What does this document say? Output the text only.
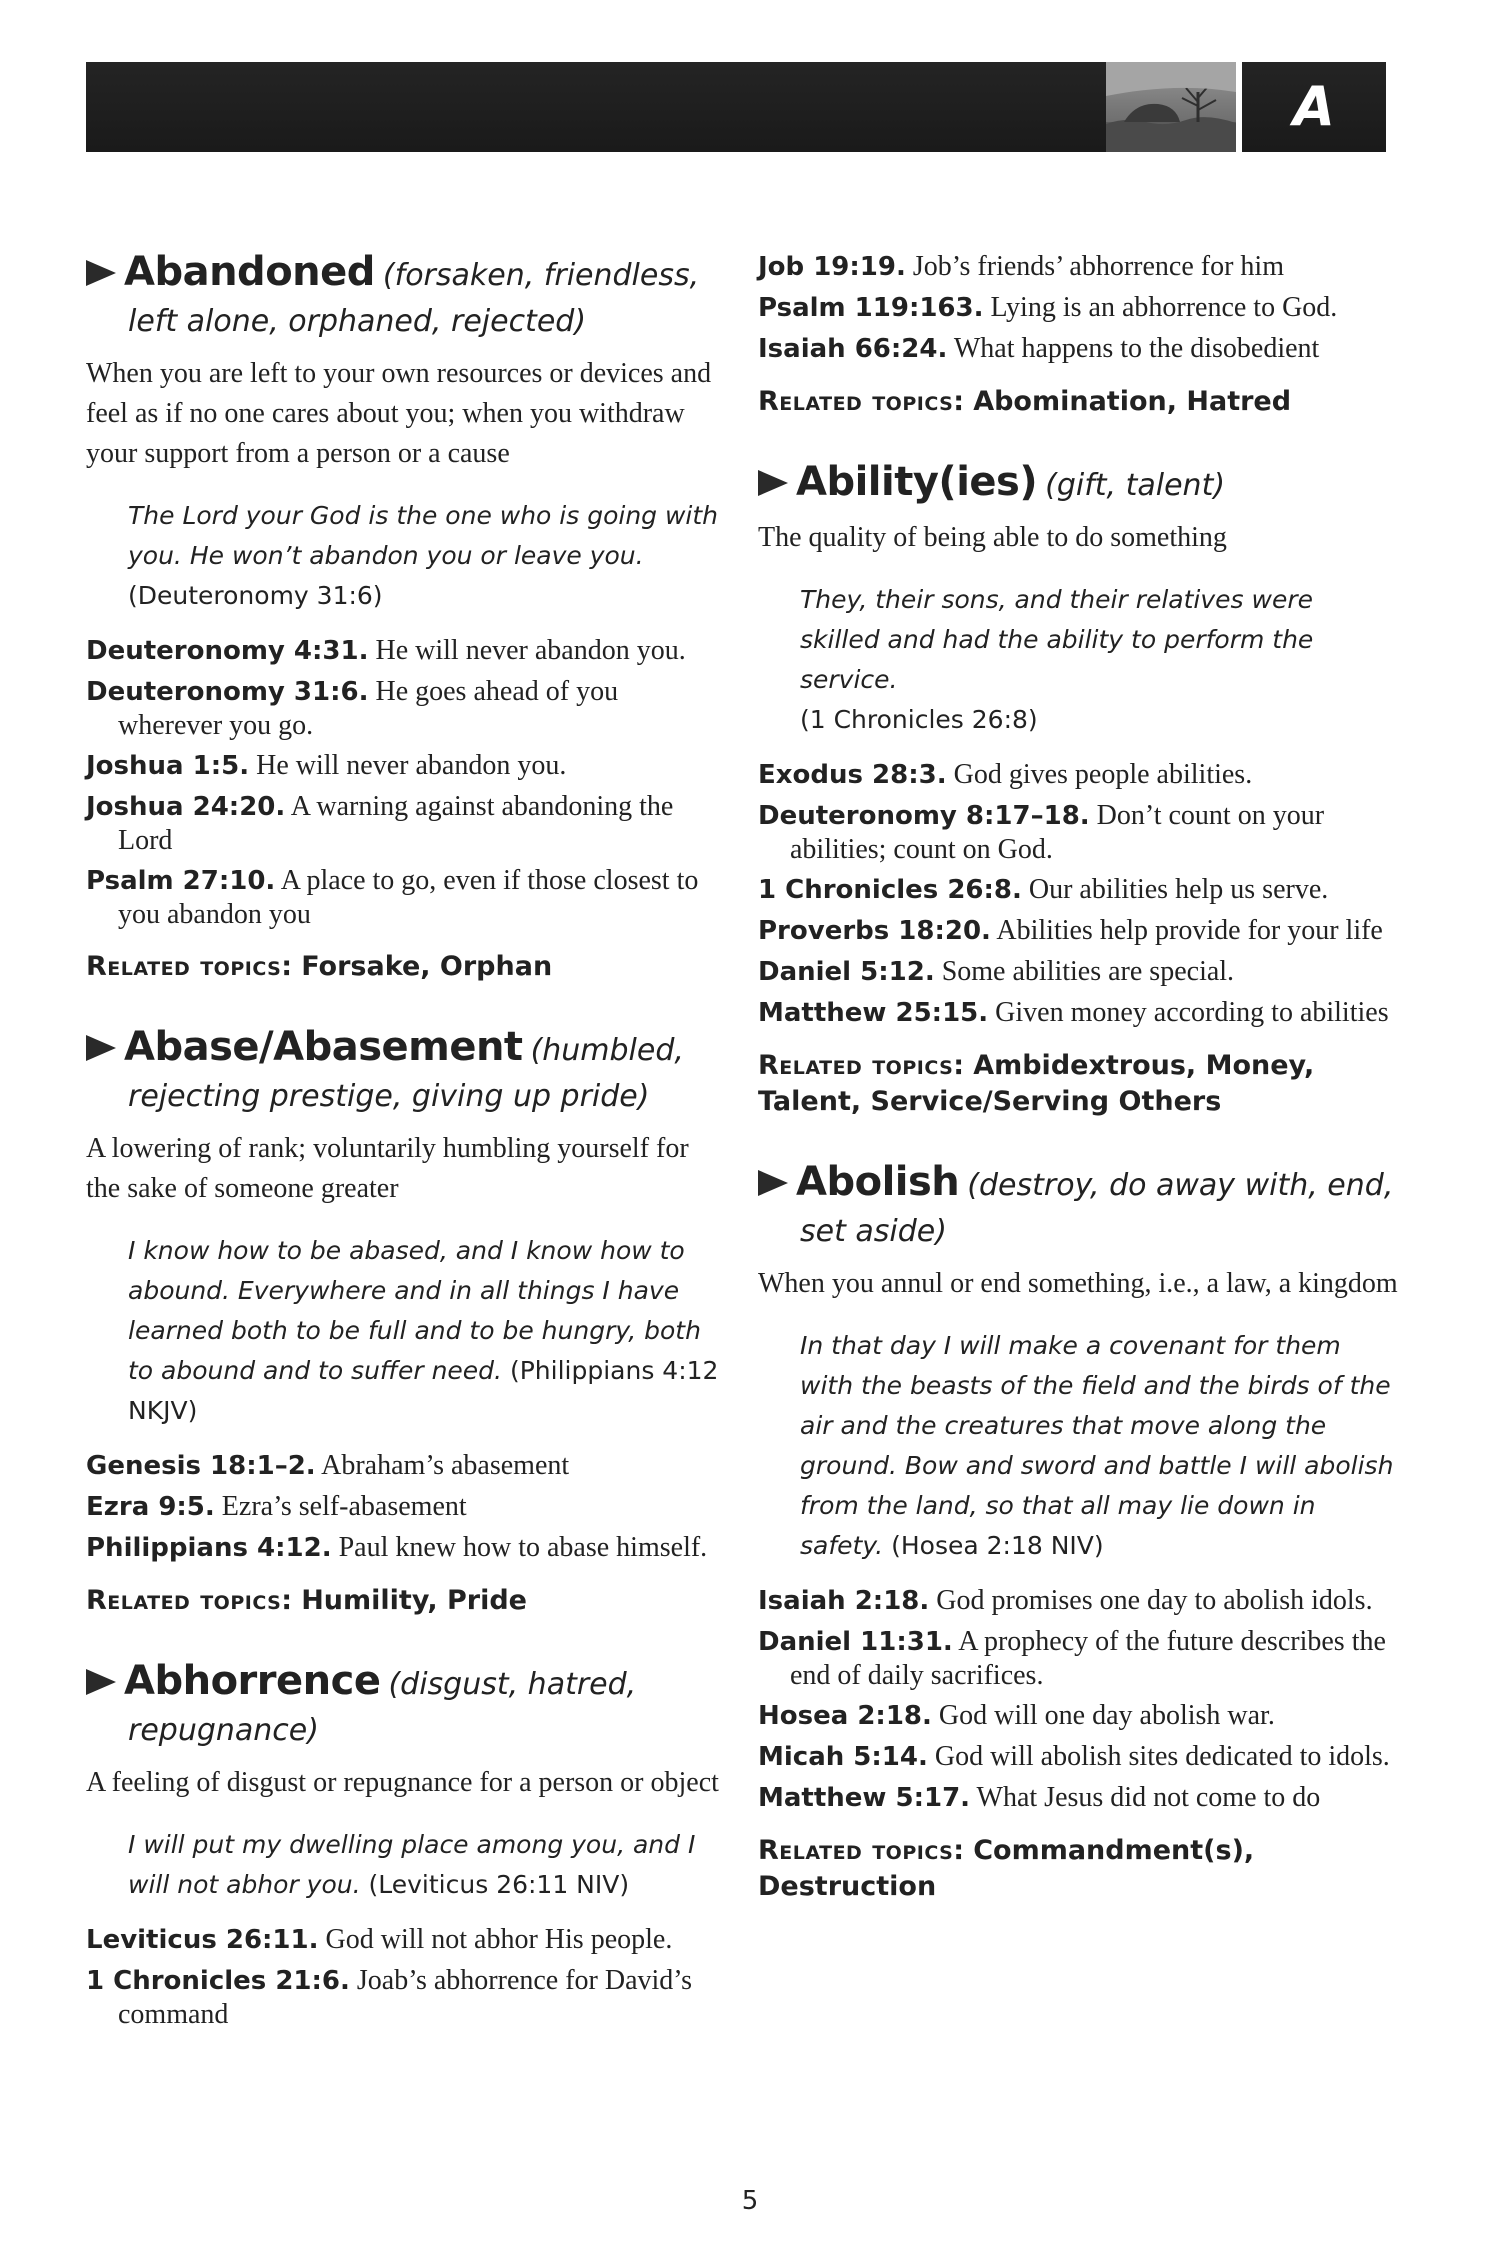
A
Abandoned (forsaken, friendless, left alone, orphaned, rejected)

When you are left to your own resources or devices and feel as if no one cares about you; when you withdraw your support from a person or a cause

The Lord your God is the one who is going with you. He won’t abandon you or leave you.
(Deuteronomy 31:6)
Deuteronomy 4:31. He will never abandon you.
Deuteronomy 31:6. He goes ahead of you wherever you go.
Joshua 1:5. He will never abandon you.
Joshua 24:20. A warning against abandoning the Lord
Psalm 27:10. A place to go, even if those closest to you abandon you
Related topics: Forsake, Orphan
Abase/Abasement (humbled, rejecting prestige, giving up pride)

A lowering of rank; voluntarily humbling yourself for the sake of someone greater

I know how to be abased, and I know how to abound. Everywhere and in all things I have learned both to be full and to be hungry, both to abound and to suffer need. (Philippians 4:12 NKJV)
Genesis 18:1–2. Abraham’s abasement
Ezra 9:5. Ezra’s self-abasement
Philippians 4:12. Paul knew how to abase himself.
Related topics: Humility, Pride
Abhorrence (disgust, hatred, repugnance)

A feeling of disgust or repugnance for a person or object

I will put my dwelling place among you, and I will not abhor you. (Leviticus 26:11 NIV)
Leviticus 26:11. God will not abhor His people.
1 Chronicles 21:6. Joab’s abhorrence for David’s command
Job 19:19. Job’s friends’ abhorrence for him
Psalm 119:163. Lying is an abhorrence to God.
Isaiah 66:24. What happens to the disobedient
Related topics: Abomination, Hatred
Ability(ies) (gift, talent)

The quality of being able to do something

They, their sons, and their relatives were skilled and had the ability to perform the service.
(1 Chronicles 26:8)
Exodus 28:3. God gives people abilities.
Deuteronomy 8:17–18. Don’t count on your abilities; count on God.
1 Chronicles 26:8. Our abilities help us serve.
Proverbs 18:20. Abilities help provide for your life
Daniel 5:12. Some abilities are special.
Matthew 25:15. Given money according to abilities
Related topics: Ambidextrous, Money, Talent, Service/Serving Others
Abolish (destroy, do away with, end, set aside)

When you annul or end something, i.e., a law, a kingdom

In that day I will make a covenant for them with the beasts of the field and the birds of the air and the creatures that move along the ground. Bow and sword and battle I will abolish from the land, so that all may lie down in safety. (Hosea 2:18 NIV)
Isaiah 2:18. God promises one day to abolish idols.
Daniel 11:31. A prophecy of the future describes the end of daily sacrifices.
Hosea 2:18. God will one day abolish war.
Micah 5:14. God will abolish sites dedicated to idols.
Matthew 5:17. What Jesus did not come to do
Related topics: Commandment(s), Destruction
5
